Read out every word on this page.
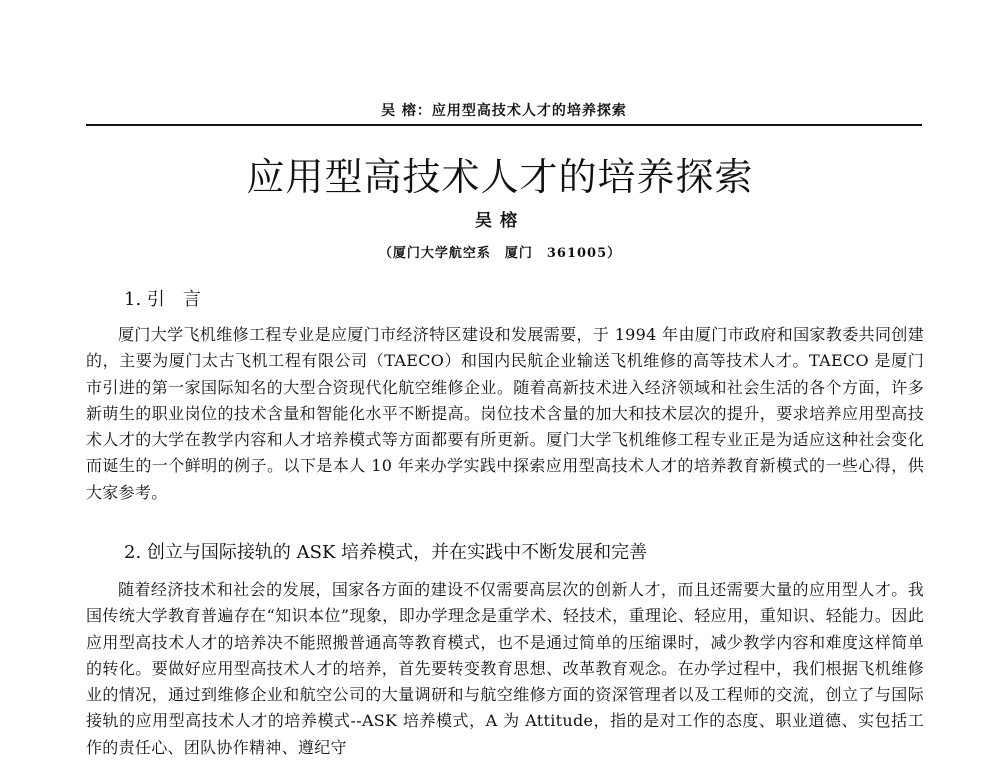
吴 榕：应用型高技术人才的培养探索
应用型高技术人才的培养探索
吴榕
（厦门大学航空系　厦门　361005）
1. 引　言

厦门大学飞机维修工程专业是应厦门市经济特区建设和发展需要，于 1994 年由厦门市政府和国家教委共同创建的，主要为厦门太古飞机工程有限公司（TAECO）和国内民航企业输送飞机维修的高等技术人才。TAECO 是厦门市引进的第一家国际知名的大型合资现代化航空维修企业。随着高新技术进入经济领域和社会生活的各个方面，许多新萌生的职业岗位的技术含量和智能化水平不断提高。岗位技术含量的加大和技术层次的提升，要求培养应用型高技术人才的大学在教学内容和人才培养模式等方面都要有所更新。厦门大学飞机维修工程专业正是为适应这种社会变化而诞生的一个鲜明的例子。以下是本人 10 年来办学实践中探索应用型高技术人才的培养教育新模式的一些心得，供大家参考。

2. 创立与国际接轨的 ASK 培养模式，并在实践中不断发展和完善

随着经济技术和社会的发展，国家各方面的建设不仅需要高层次的创新人才，而且还需要大量的应用型人才。我国传统大学教育普遍存在“知识本位”现象，即办学理念是重学术、轻技术，重理论、轻应用，重知识、轻能力。因此应用型高技术人才的培养决不能照搬普通高等教育模式，也不是通过简单的压缩课时，减少教学内容和难度这样简单的转化。要做好应用型高技术人才的培养，首先要转变教育思想、改革教育观念。在办学过程中，我们根据飞机维修业的情况，通过到维修企业和航空公司的大量调研和与航空维修方面的资深管理者以及工程师的交流，创立了与国际接轨的应用型高技术人才的培养模式--ASK 培养模式，A 为 Attitude，指的是对工作的态度、职业道德、实包括工作的责任心、团队协作精神、遵纪守
